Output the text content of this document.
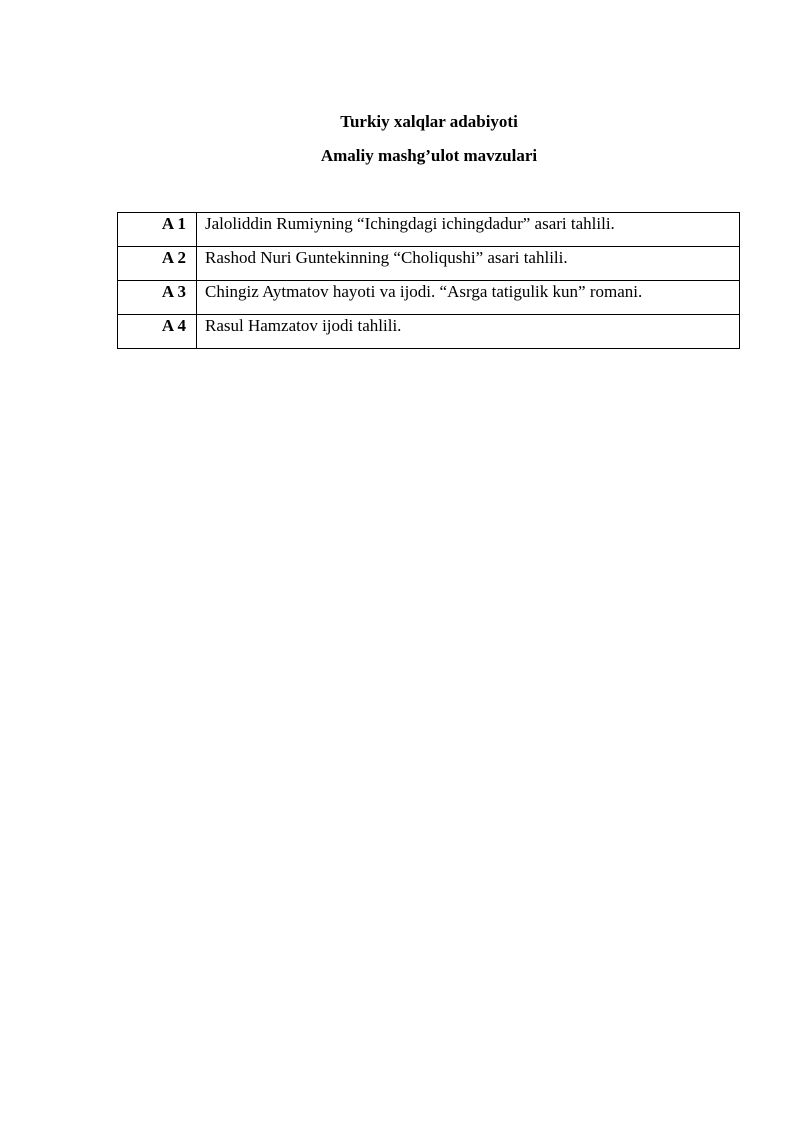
Turkiy xalqlar adabiyoti
Amaliy mashg’ulot mavzulari
A 1	Jaloliddin Rumiyning “Ichingdagi ichingdadur” asari tahlili.
A 2	Rashod Nuri Guntekinning “Choliqushi” asari tahlili.
A 3	Chingiz Aytmatov hayoti va ijodi. “Asrga tatigulik kun” romani.
A 4	Rasul Hamzatov ijodi tahlili.
